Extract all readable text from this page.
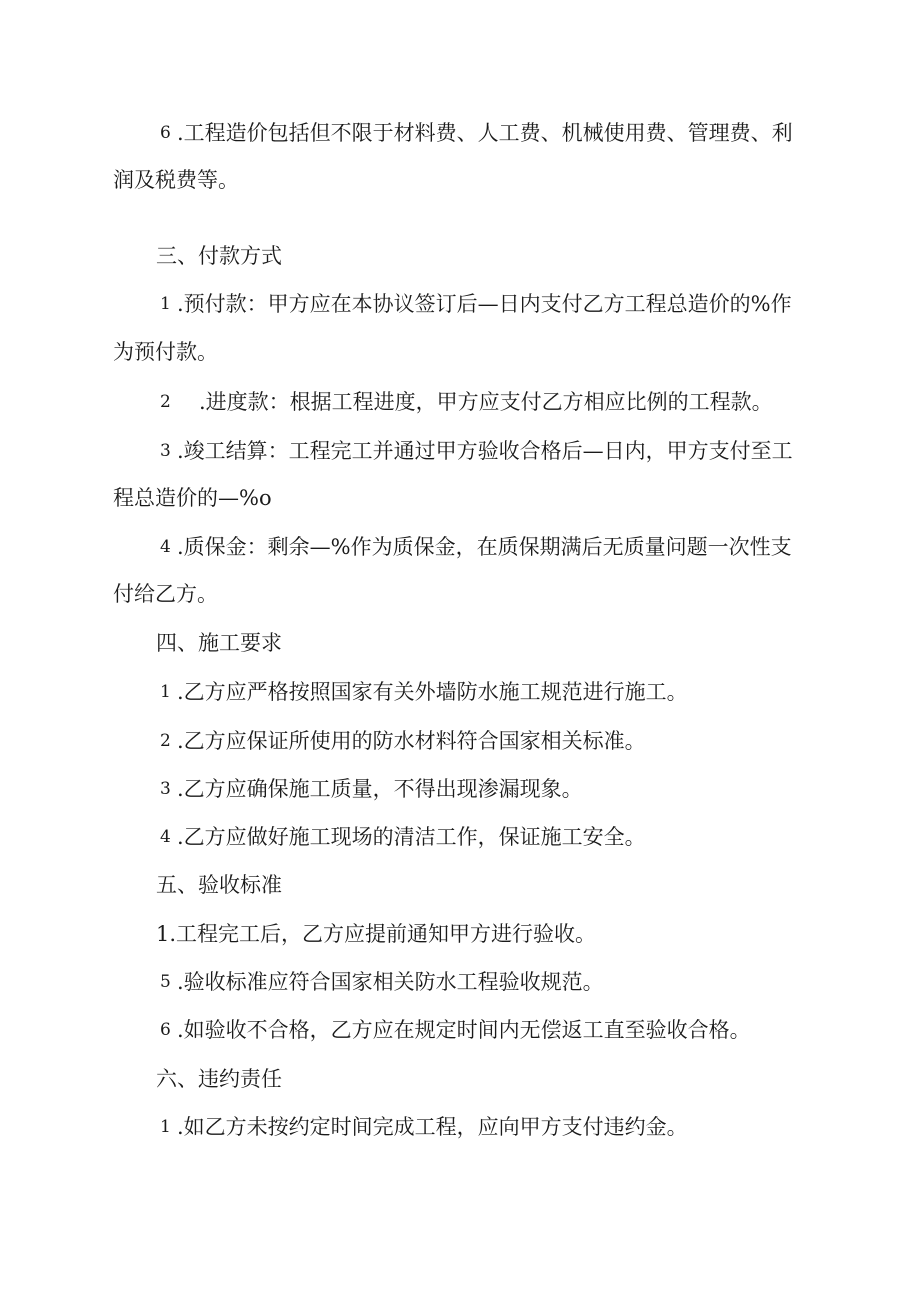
6 .工程造价包括但不限于材料费、人工费、机械使用费、管理费、利
润及税费等。
三、付款方式
1 .预付款：甲方应在本协议签订后—日内支付乙方工程总造价的%作
为预付款。
2 .进度款：根据工程进度，甲方应支付乙方相应比例的工程款。
3 .竣工结算：工程完工并通过甲方验收合格后—日内，甲方支付至工
程总造价的—%o
4 .质保金：剩余—%作为质保金，在质保期满后无质量问题一次性支
付给乙方。
四、施工要求
1 .乙方应严格按照国家有关外墙防水施工规范进行施工。
2 .乙方应保证所使用的防水材料符合国家相关标准。
3 .乙方应确保施工质量，不得出现渗漏现象。
4 .乙方应做好施工现场的清洁工作，保证施工安全。
五、验收标准
1.工程完工后，乙方应提前通知甲方进行验收。
5 .验收标准应符合国家相关防水工程验收规范。
6 .如验收不合格，乙方应在规定时间内无偿返工直至验收合格。
六、违约责任
1 .如乙方未按约定时间完成工程，应向甲方支付违约金。
